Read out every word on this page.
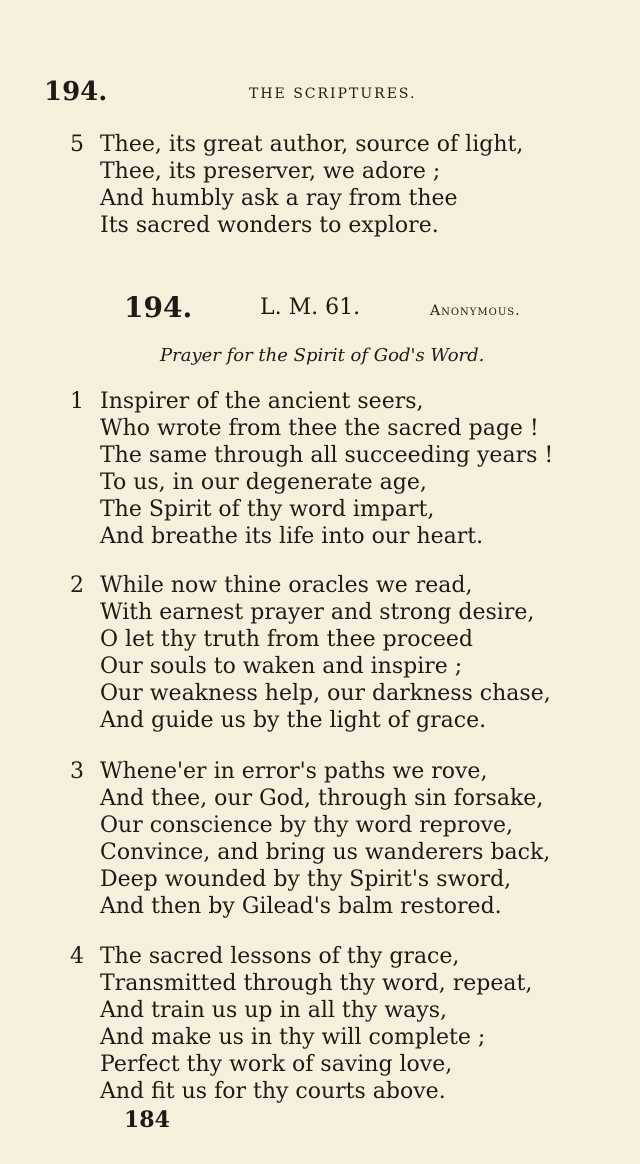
194.	THE SCRIPTURES.
5 Thee, its great author, source of light,
Thee, its preserver, we adore ;
And humbly ask a ray from thee
Its sacred wonders to explore.
194.	L. M. 61.	Anonymous.
Prayer for the Spirit of God's Word.
1 Inspirer of the ancient seers,
Who wrote from thee the sacred page !
The same through all succeeding years !
To us, in our degenerate age,
The Spirit of thy word impart,
And breathe its life into our heart.
2 While now thine oracles we read,
With earnest prayer and strong desire,
O let thy truth from thee proceed
Our souls to waken and inspire ;
Our weakness help, our darkness chase,
And guide us by the light of grace.
3 Whene'er in error's paths we rove,
And thee, our God, through sin forsake,
Our conscience by thy word reprove,
Convince, and bring us wanderers back,
Deep wounded by thy Spirit's sword,
And then by Gilead's balm restored.
4 The sacred lessons of thy grace,
Transmitted through thy word, repeat,
And train us up in all thy ways,
And make us in thy will complete ;
Perfect thy work of saving love,
And fit us for thy courts above.
184
